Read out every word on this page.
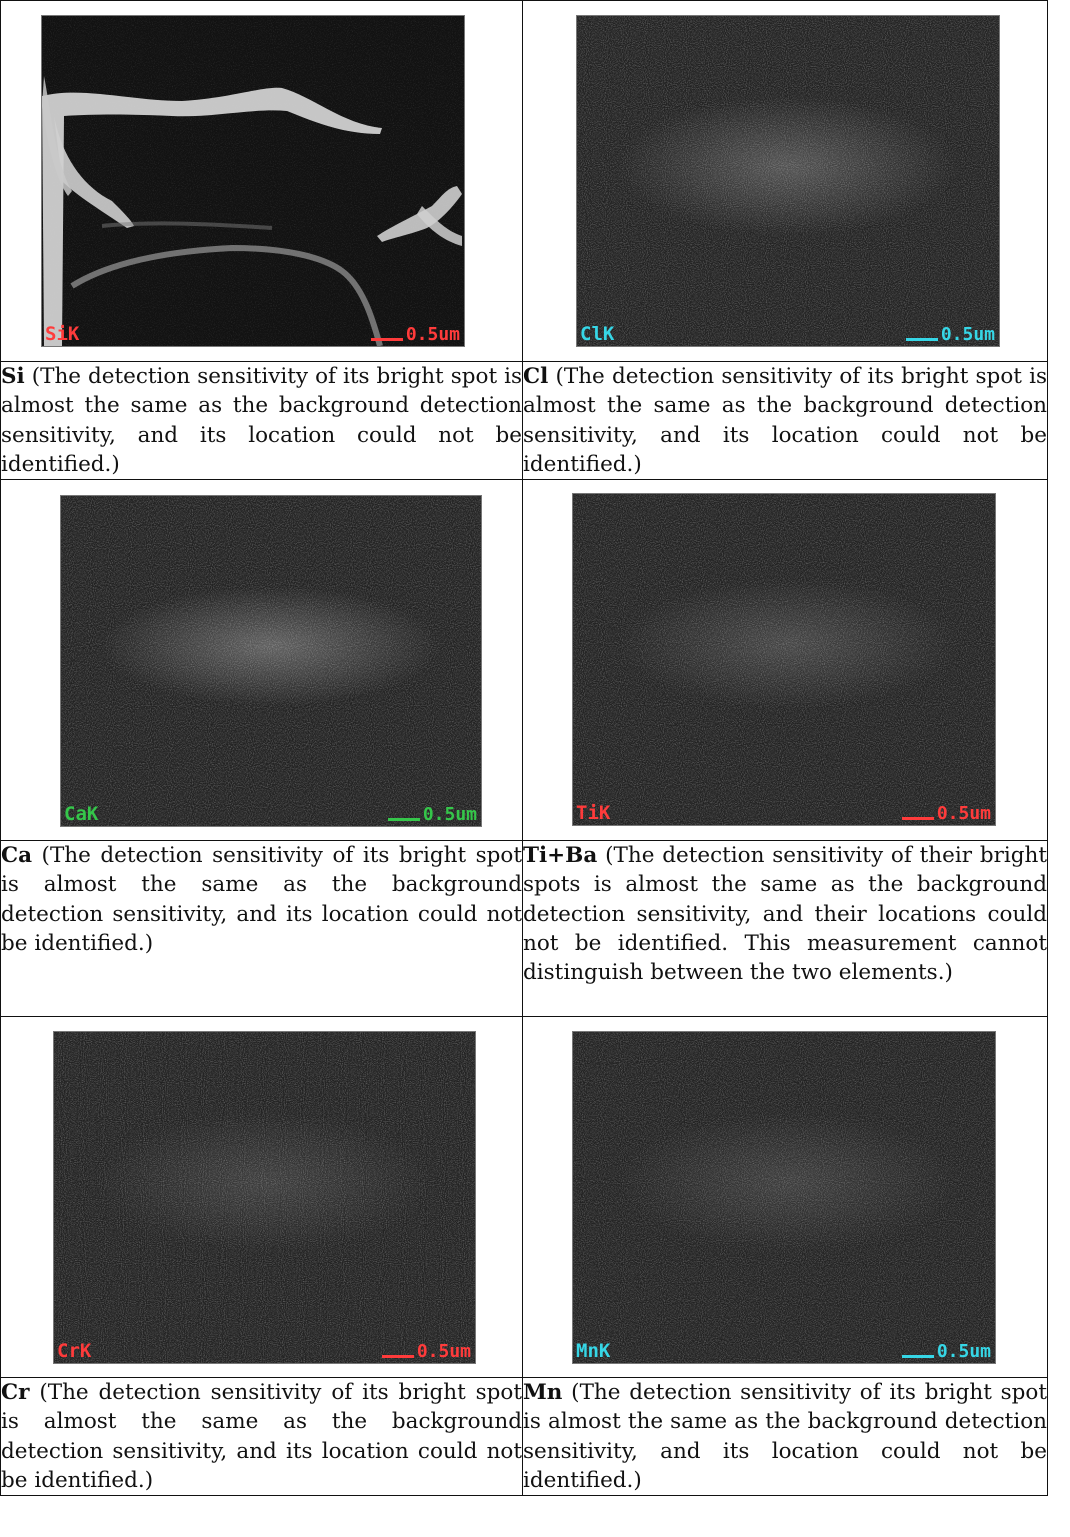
SiK 0.5um	ClK 0.5um

Si (The detection sensitivity of its bright spot is almost the same as the background detection sensitivity, and its location could not be identified.)	Cl (The detection sensitivity of its bright spot is almost the same as the background detection sensitivity, and its location could not be identified.)

CaK 0.5um	TiK 0.5um

Ca (The detection sensitivity of its bright spot is almost the same as the background detection sensitivity, and its location could not be identified.)	Ti+Ba (The detection sensitivity of their bright spots is almost the same as the background detection sensitivity, and their locations could not be identified. This measurement cannot distinguish between the two elements.)

CrK 0.5um	MnK 0.5um

Cr (The detection sensitivity of its bright spot is almost the same as the background detection sensitivity, and its location could not be identified.)	Mn (The detection sensitivity of its bright spot is almost the same as the background detection sensitivity, and its location could not be identified.)
